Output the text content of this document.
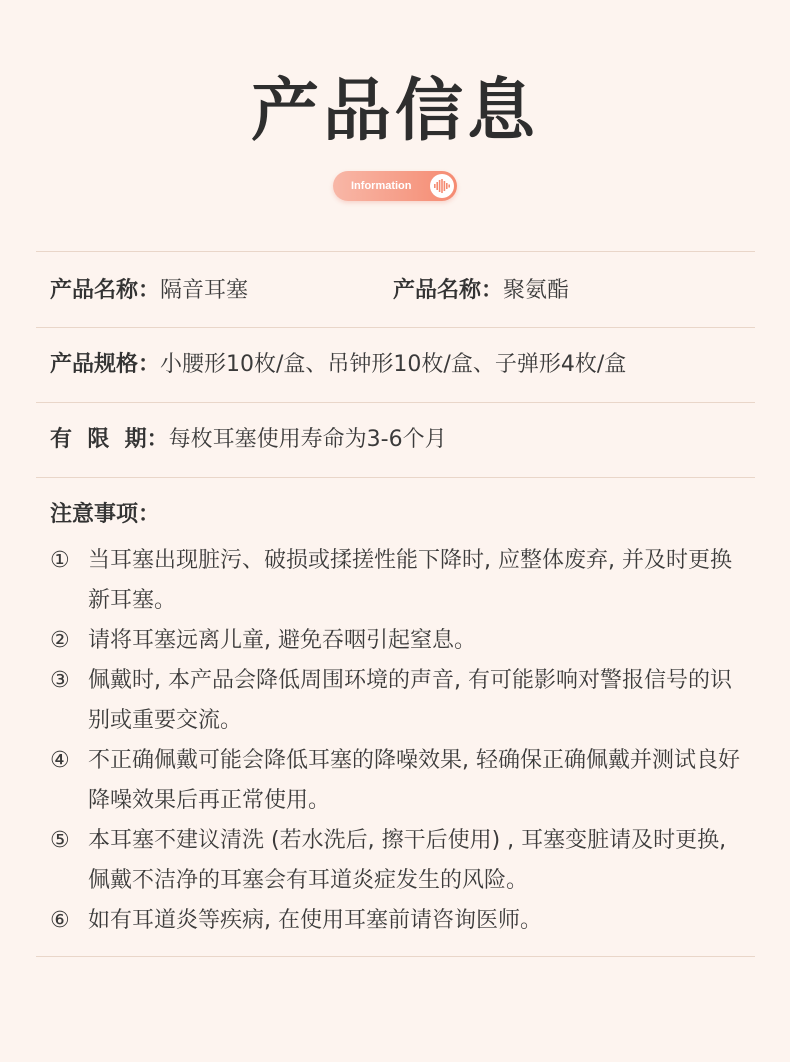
产品信息
Information
产品名称：隔音耳塞	产品名称：聚氨酯
产品规格：小腰形10枚/盒、吊钟形10枚/盒、子弹形4枚/盒
有  限  期：每枚耳塞使用寿命为3-6个月
注意事项：
① 当耳塞出现脏污、破损或揉搓性能下降时, 应整体废弃, 并及时更换新耳塞。
② 请将耳塞远离儿童, 避免吞咽引起窒息。
③ 佩戴时, 本产品会降低周围环境的声音, 有可能影响对警报信号的识别或重要交流。
④ 不正确佩戴可能会降低耳塞的降噪效果, 轻确保正确佩戴并测试良好降噪效果后再正常使用。
⑤ 本耳塞不建议清洗 (若水洗后, 擦干后使用) , 耳塞变脏请及时更换, 佩戴不洁净的耳塞会有耳道炎症发生的风险。
⑥ 如有耳道炎等疾病, 在使用耳塞前请咨询医师。
